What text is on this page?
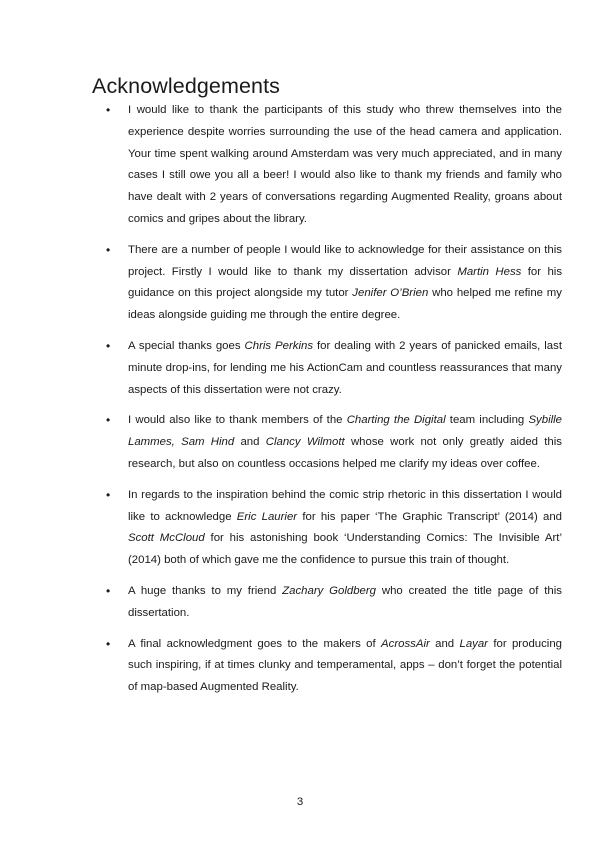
Acknowledgements
• I would like to thank the participants of this study who threw themselves into the experience despite worries surrounding the use of the head camera and application. Your time spent walking around Amsterdam was very much appreciated, and in many cases I still owe you all a beer! I would also like to thank my friends and family who have dealt with 2 years of conversations regarding Augmented Reality, groans about comics and gripes about the library.
• There are a number of people I would like to acknowledge for their assistance on this project. Firstly I would like to thank my dissertation advisor Martin Hess for his guidance on this project alongside my tutor Jenifer O’Brien who helped me refine my ideas alongside guiding me through the entire degree.
• A special thanks goes Chris Perkins for dealing with 2 years of panicked emails, last minute drop-ins, for lending me his ActionCam and countless reassurances that many aspects of this dissertation were not crazy.
• I would also like to thank members of the Charting the Digital team including Sybille Lammes, Sam Hind and Clancy Wilmott whose work not only greatly aided this research, but also on countless occasions helped me clarify my ideas over coffee.
• In regards to the inspiration behind the comic strip rhetoric in this dissertation I would like to acknowledge Eric Laurier for his paper ‘The Graphic Transcript’ (2014) and Scott McCloud for his astonishing book ‘Understanding Comics: The Invisible Art’ (2014) both of which gave me the confidence to pursue this train of thought.
• A huge thanks to my friend Zachary Goldberg who created the title page of this dissertation.
• A final acknowledgment goes to the makers of AcrossAir and Layar for producing such inspiring, if at times clunky and temperamental, apps – don’t forget the potential of map-based Augmented Reality.
3
